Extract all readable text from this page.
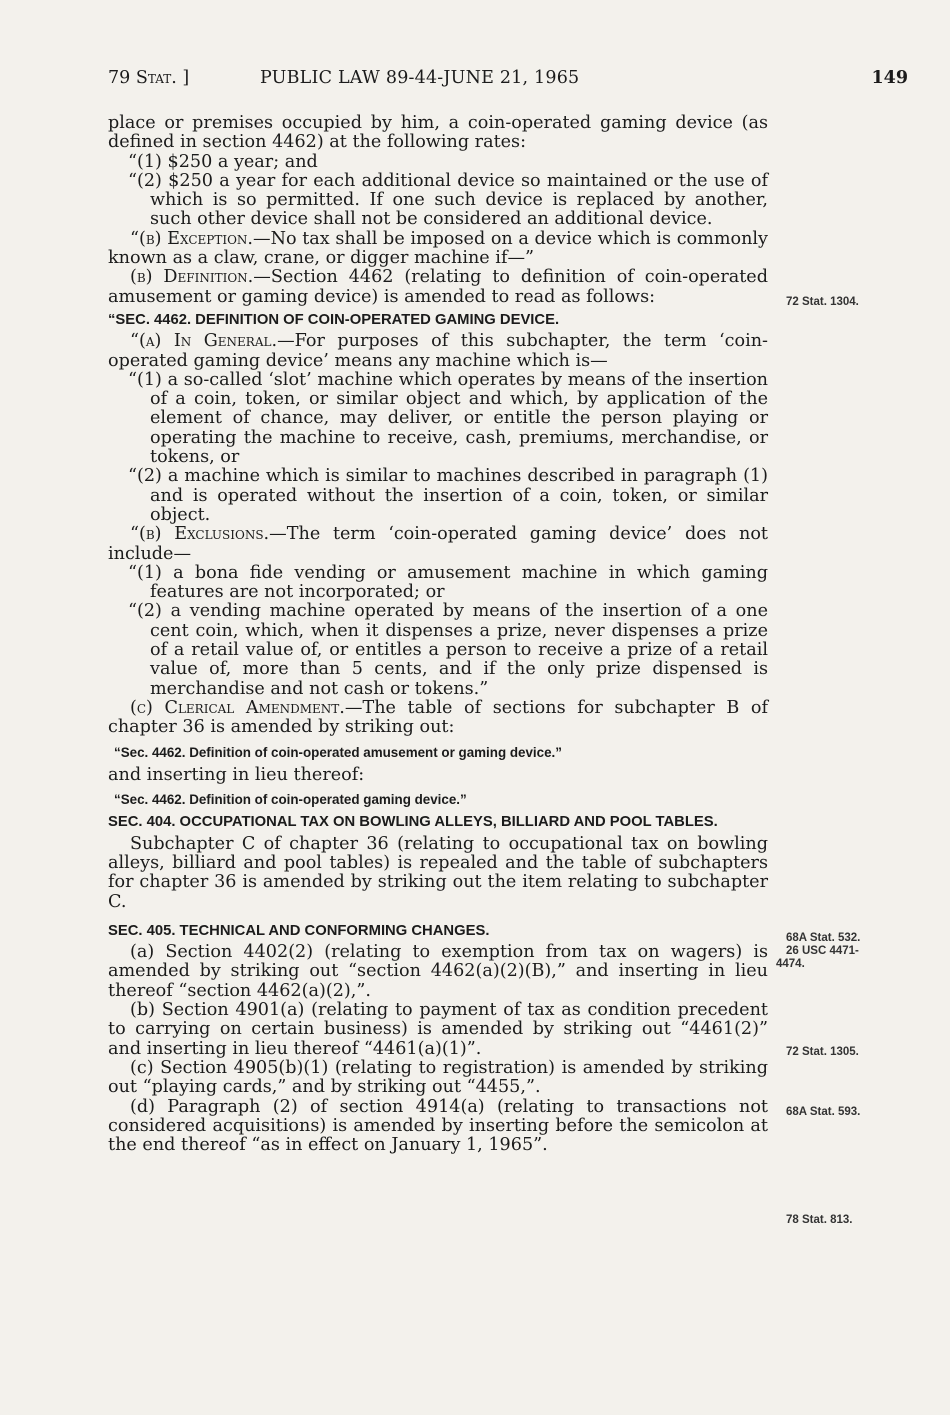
79 Stat. ]	PUBLIC LAW 89-44-JUNE 21, 1965	149

place or premises occupied by him, a coin-operated gaming device (as defined in section 4462) at the following rates:

“(1) $250 a year; and

“(2) $250 a year for each additional device so maintained or the use of which is so permitted. If one such device is replaced by another, such other device shall not be considered an additional device.

“(b) Exception.—No tax shall be imposed on a device which is commonly known as a claw, crane, or digger machine if—”

(b) Definition.—Section 4462 (relating to definition of coin-operated amusement or gaming device) is amended to read as follows:

“SEC. 4462. DEFINITION OF COIN-OPERATED GAMING DEVICE.

“(a) In General.—For purposes of this subchapter, the term ‘coin-operated gaming device’ means any machine which is—

“(1) a so-called ‘slot’ machine which operates by means of the insertion of a coin, token, or similar object and which, by application of the element of chance, may deliver, or entitle the person playing or operating the machine to receive, cash, premiums, merchandise, or tokens, or

“(2) a machine which is similar to machines described in paragraph (1) and is operated without the insertion of a coin, token, or similar object.

“(b) Exclusions.—The term ‘coin-operated gaming device’ does not include—

“(1) a bona fide vending or amusement machine in which gaming features are not incorporated; or

“(2) a vending machine operated by means of the insertion of a one cent coin, which, when it dispenses a prize, never dispenses a prize of a retail value of, or entitles a person to receive a prize of a retail value of, more than 5 cents, and if the only prize dispensed is merchandise and not cash or tokens.”

(c) Clerical Amendment.—The table of sections for subchapter B of chapter 36 is amended by striking out:

“Sec. 4462. Definition of coin-operated amusement or gaming device.”

and inserting in lieu thereof:

“Sec. 4462. Definition of coin-operated gaming device.”

SEC. 404. OCCUPATIONAL TAX ON BOWLING ALLEYS, BILLIARD AND POOL TABLES.

Subchapter C of chapter 36 (relating to occupational tax on bowling alleys, billiard and pool tables) is repealed and the table of subchapters for chapter 36 is amended by striking out the item relating to subchapter C.

SEC. 405. TECHNICAL AND CONFORMING CHANGES.

(a) Section 4402(2) (relating to exemption from tax on wagers) is amended by striking out “section 4462(a)(2)(B),” and inserting in lieu thereof “section 4462(a)(2),”.

(b) Section 4901(a) (relating to payment of tax as condition precedent to carrying on certain business) is amended by striking out “4461(2)” and inserting in lieu thereof “4461(a)(1)”.

(c) Section 4905(b)(1) (relating to registration) is amended by striking out “playing cards,” and by striking out “4455,”.

(d) Paragraph (2) of section 4914(a) (relating to transactions not considered acquisitions) is amended by inserting before the semicolon at the end thereof “as in effect on January 1, 1965”.

72 Stat. 1304.
68A Stat. 532.
26 USC 4471-
4474.
72 Stat. 1305.
68A Stat. 593.
78 Stat. 813.
